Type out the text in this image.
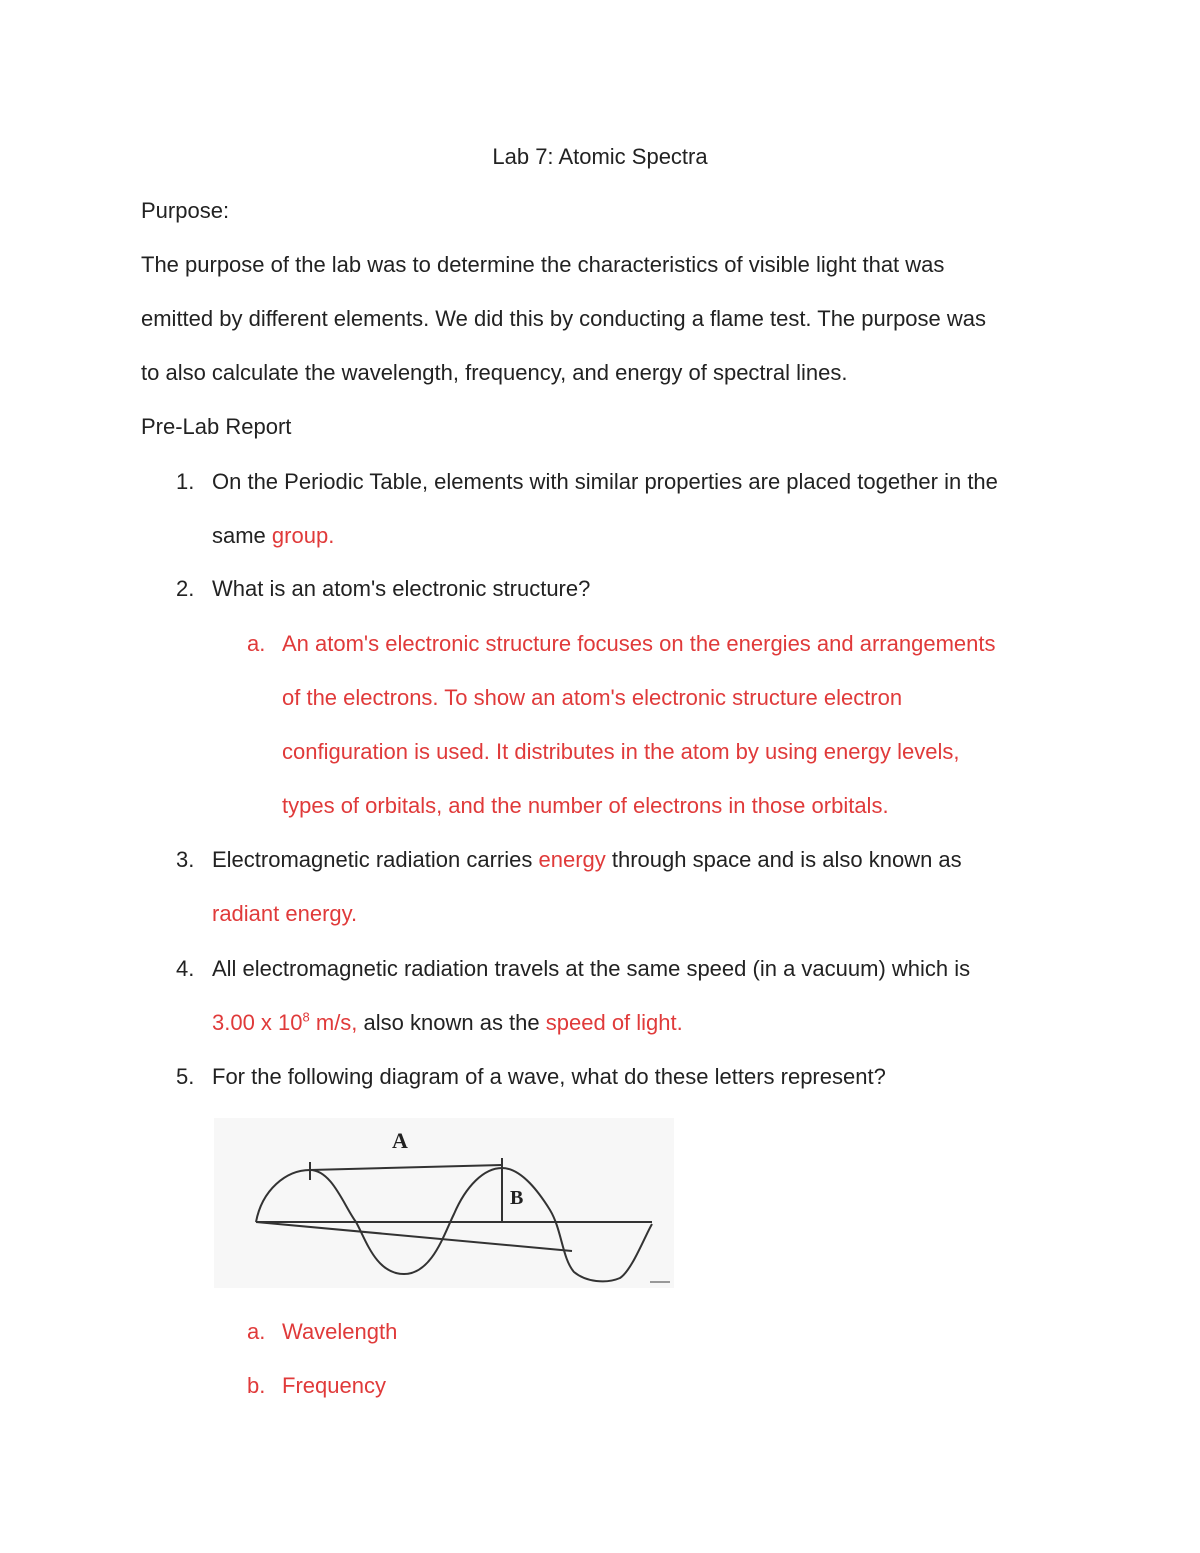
Lab 7: Atomic Spectra
Purpose:
The purpose of the lab was to determine the characteristics of visible light that was
emitted by different elements. We did this by conducting a flame test. The purpose was
to also calculate the wavelength, frequency, and energy of spectral lines.
Pre-Lab Report
1. On the Periodic Table, elements with similar properties are placed together in the
same group.
2. What is an atom's electronic structure?
a. An atom's electronic structure focuses on the energies and arrangements
of the electrons. To show an atom's electronic structure electron
configuration is used. It distributes in the atom by using energy levels,
types of orbitals, and the number of electrons in those orbitals.
3. Electromagnetic radiation carries energy through space and is also known as
radiant energy.
4. All electromagnetic radiation travels at the same speed (in a vacuum) which is
3.00 x $10^8$ m/s, also known as the speed of light.
5. For the following diagram of a wave, what do these letters represent?
A
B
a. Wavelength
b. Frequency
